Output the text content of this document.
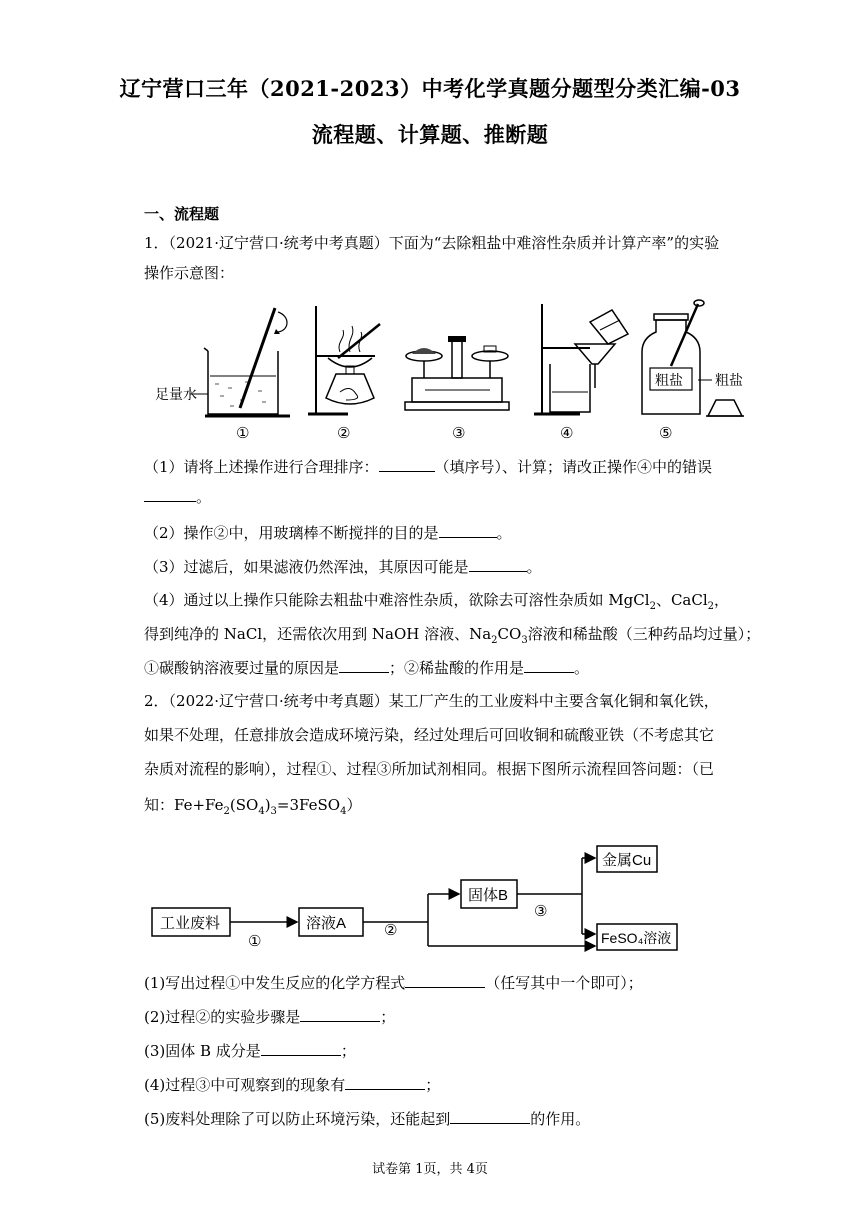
辽宁营口三年（2021-2023）中考化学真题分题型分类汇编-03
流程题、计算题、推断题
一、流程题
1．（2021·辽宁营口·统考中考真题）下面为“去除粗盐中难溶性杂质并计算产率”的实验
操作示意图：
足量水
粗盐 粗盐
①	②	③	④	⑤
（1）请将上述操作进行合理排序：	（填序号）、计算；请改正操作④中的错误
。
（2）操作②中，用玻璃棒不断搅拌的目的是	。
（3）过滤后，如果滤液仍然浑浊，其原因可能是	。
（4）通过以上操作只能除去粗盐中难溶性杂质，欲除去可溶性杂质如 MgCl$_2$、CaCl$_2$，
得到纯净的 NaCl，还需依次用到 NaOH 溶液、$Na_2CO_3$溶液和稀盐酸（三种药品均过量）；
①碳酸钠溶液要过量的原因是	；②稀盐酸的作用是	。
2．（2022·辽宁营口·统考中考真题）某工厂产生的工业废料中主要含氧化铜和氧化铁，
如果不处理，任意排放会造成环境污染，经过处理后可回收铜和硫酸亚铁（不考虑其它
杂质对流程的影响），过程①、过程③所加试剂相同。根据下图所示流程回答问题：（已
知：$Fe+Fe_2(SO_4)_3=3FeSO_4$）
工业废料
①
溶液A	②
固体B
③
金属Cu
FeSO₄溶液
(1)写出过程①中发生反应的化学方程式	（任写其中一个即可）；
(2)过程②的实验步骤是	；
(3)固体 B 成分是	；
(4)过程③中可观察到的现象有	；
(5)废料处理除了可以防止环境污染，还能起到	的作用。
试卷第 1页，共 4页
